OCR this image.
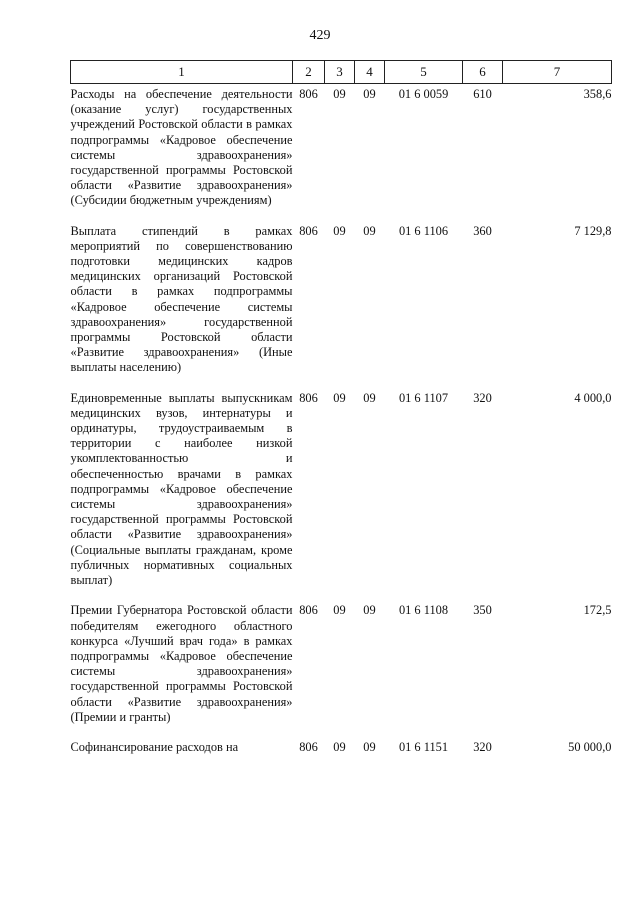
429
1	2	3	4	5	6	7
Расходы на обеспечение деятельности (оказание услуг) государственных учреждений Ростовской области в рамках подпрограммы «Кадровое обеспечение системы здравоохранения» государственной программы Ростовской области «Развитие здравоохранения» (Субсидии бюджетным учреждениям)	806	09	09	01 6 0059	610	358,6
Выплата стипендий в рамках мероприятий по совершенствованию подготовки медицинских кадров медицинских организаций Ростовской области в рамках подпрограммы «Кадровое обеспечение системы здравоохранения» государственной программы Ростовской области «Развитие здравоохранения» (Иные выплаты населению)	806	09	09	01 6 1106	360	7 129,8
Единовременные выплаты выпускникам медицинских вузов, интернатуры и ординатуры, трудоустраиваемым в территории с наиболее низкой укомплектованностью и обеспеченностью врачами в рамках подпрограммы «Кадровое обеспечение системы здравоохранения» государственной программы Ростовской области «Развитие здравоохранения» (Социальные выплаты гражданам, кроме публичных нормативных социальных выплат)	806	09	09	01 6 1107	320	4 000,0
Премии Губернатора Ростовской области победителям ежегодного областного конкурса «Лучший врач года» в рамках подпрограммы «Кадровое обеспечение системы здравоохранения» государственной программы Ростовской области «Развитие здравоохранения» (Премии и гранты)	806	09	09	01 6 1108	350	172,5
Софинансирование расходов на	806	09	09	01 6 1151	320	50 000,0
